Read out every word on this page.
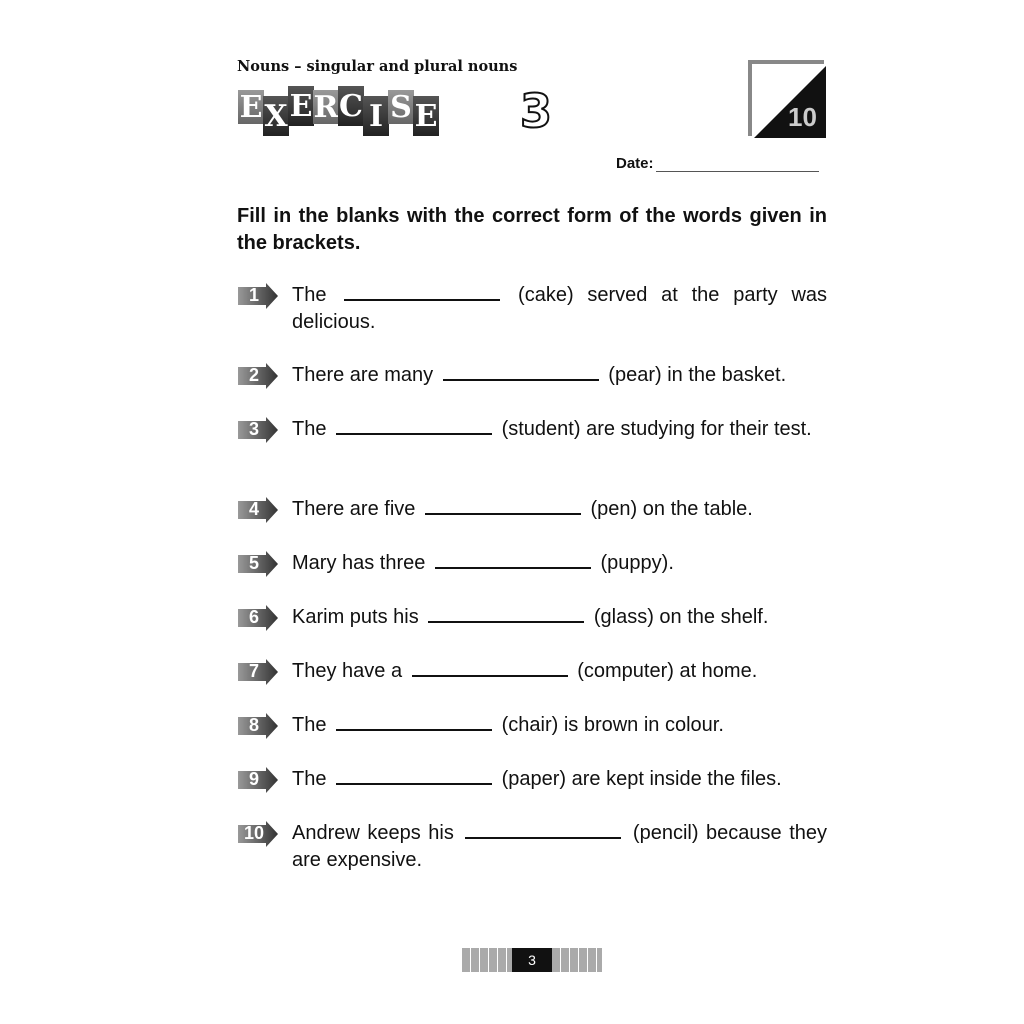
Nouns – singular and plural nouns
E X E R C I S E 3	10
Date:
Fill in the blanks with the correct form of the words given in the brackets.
1	The	(cake) served at the party was delicious.
2	There are many	(pear) in the basket.
3	The	(student) are studying for their test.
4	There are five	(pen) on the table.
5	Mary has three	(puppy).
6	Karim puts his	(glass) on the shelf.
7	They have a	(computer) at home.
8	The	(chair) is brown in colour.
9	The	(paper) are kept inside the files.
10 Andrew keeps his	(pencil) because they are expensive.
3
